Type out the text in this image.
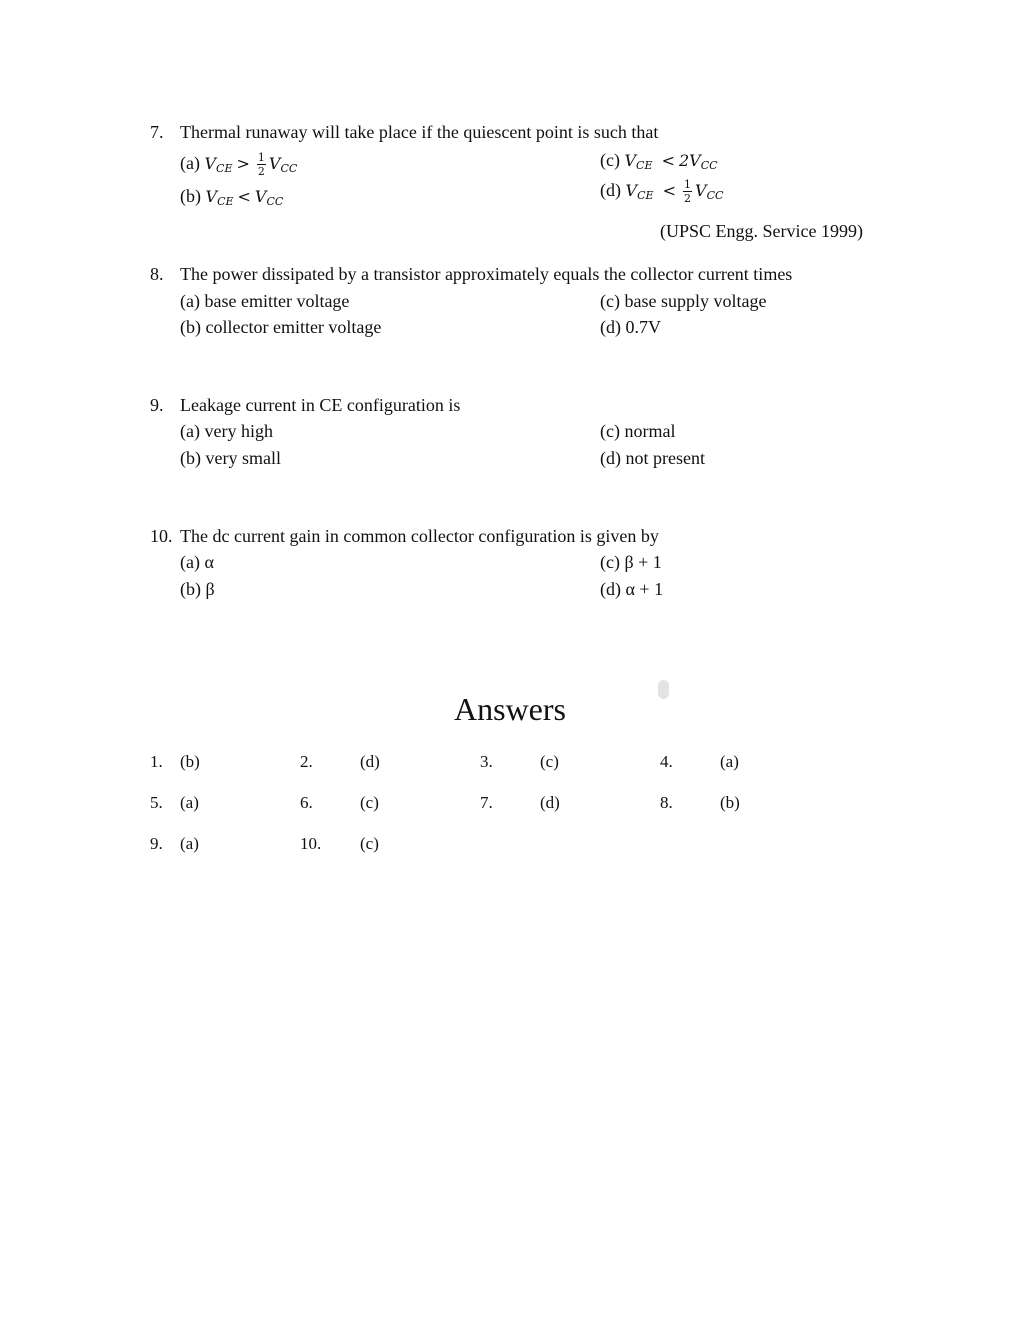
7. Thermal runaway will take place if the quiescent point is such that
(a) $V_{CE} > \frac{1}{2} V_{CC}$
(b) $V_{CE} < V_{CC}$
(c) $V_{CE} < 2V_{CC}$
(d) $V_{CE} < \frac{1}{2} V_{CC}$
(UPSC Engg. Service 1999)
8. The power dissipated by a transistor approximately equals the collector current times
(a) base emitter voltage
(b) collector emitter voltage
(c) base supply voltage
(d) 0.7V
9. Leakage current in CE configuration is
(a) very high
(b) very small
(c) normal
(d) not present
10. The dc current gain in common collector configuration is given by
(a) α
(b) β
(c) β + 1
(d) α + 1
Answers
1. (b)	2.	(d)	3.	(c)	4.	(a)
5. (a)	6.	(c)	7.	(d)	8.	(b)
9. (a)	10. (c)
